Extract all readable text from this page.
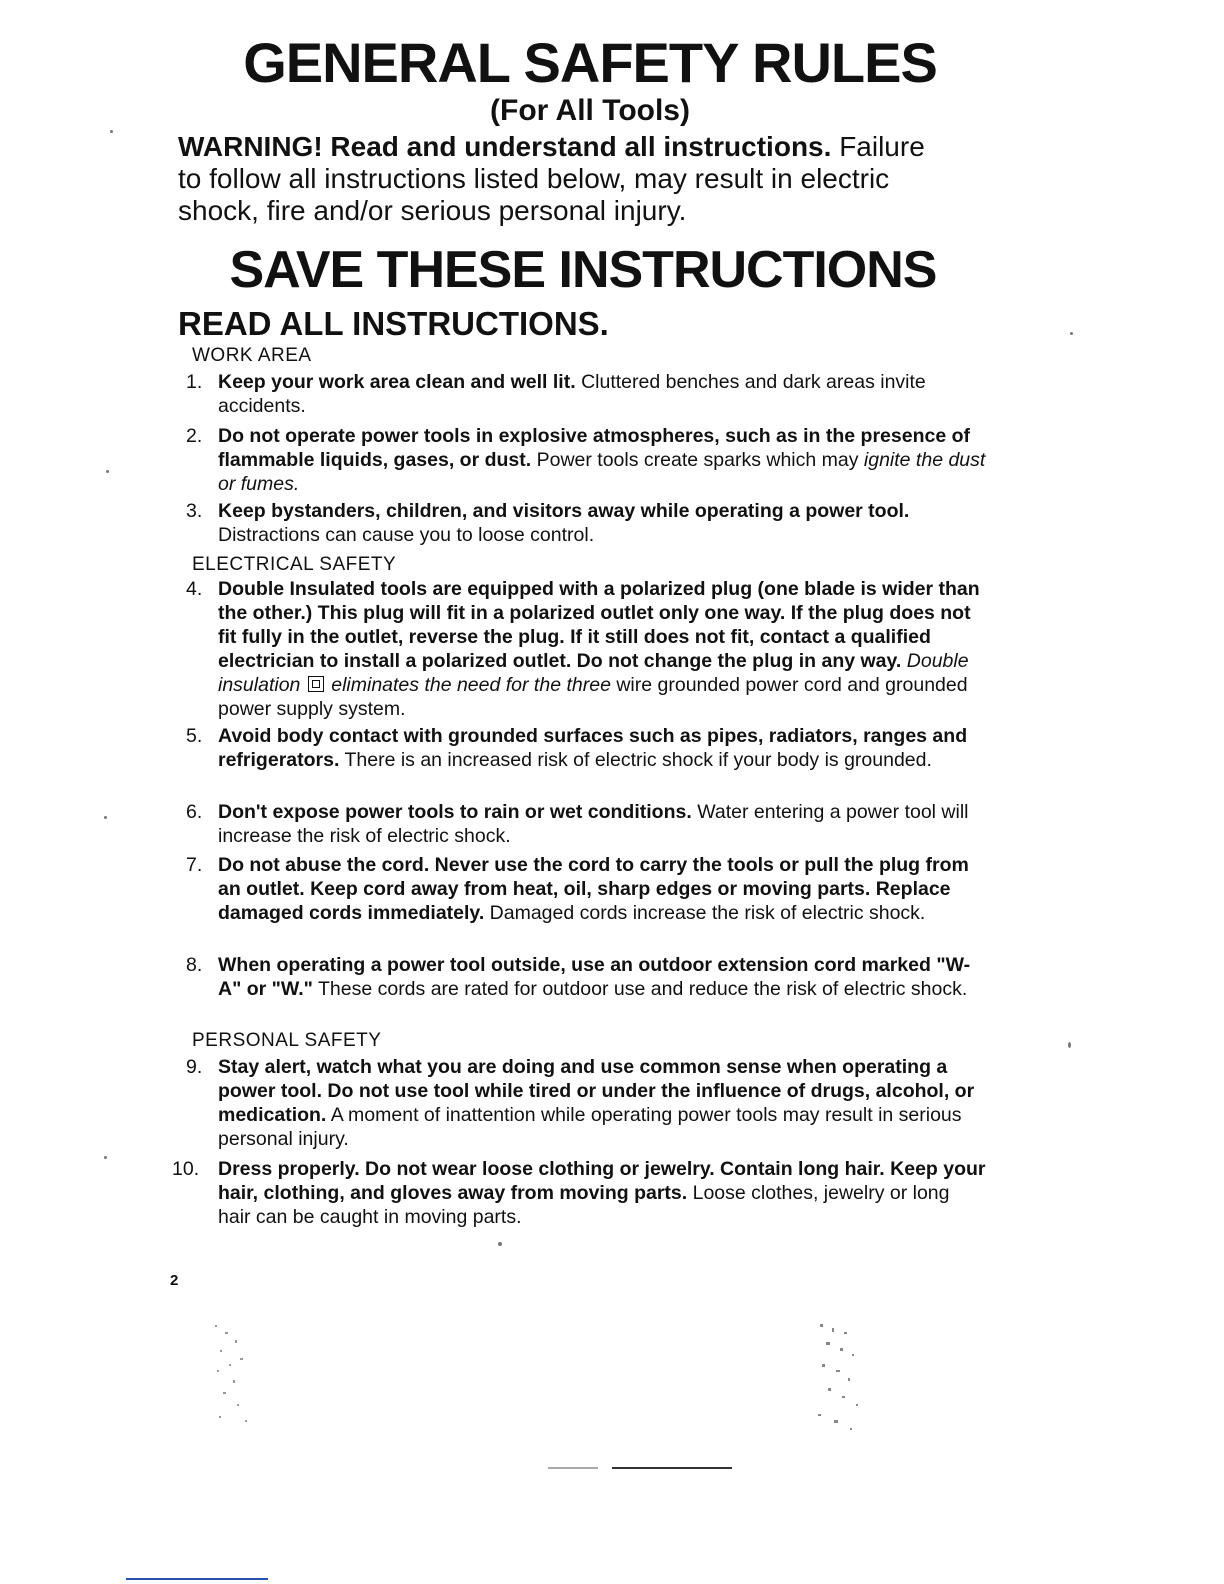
GENERAL SAFETY RULES
(For All Tools)
WARNING! Read and understand all instructions. Failure
to follow all instructions listed below, may result in electric
shock, fire and/or serious personal injury.
SAVE THESE INSTRUCTIONS
READ ALL INSTRUCTIONS.
WORK AREA
1. Keep your work area clean and well lit. Cluttered benches and dark areas invite accidents.
2. Do not operate power tools in explosive atmospheres, such as in the presence of flammable liquids, gases, or dust. Power tools create sparks which may ignite the dust or fumes.
3. Keep bystanders, children, and visitors away while operating a power tool. Distractions can cause you to loose control.
ELECTRICAL SAFETY
4. Double Insulated tools are equipped with a polarized plug (one blade is wider than the other.) This plug will fit in a polarized outlet only one way. If the plug does not fit fully in the outlet, reverse the plug. If it still does not fit, contact a qualified electrician to install a polarized outlet. Do not change the plug in any way. Double insulation eliminates the need for the three wire grounded power cord and grounded power supply system.
5. Avoid body contact with grounded surfaces such as pipes, radiators, ranges and refrigerators. There is an increased risk of electric shock if your body is grounded.
6. Don't expose power tools to rain or wet conditions. Water entering a power tool will increase the risk of electric shock.
7. Do not abuse the cord. Never use the cord to carry the tools or pull the plug from an outlet. Keep cord away from heat, oil, sharp edges or moving parts. Replace damaged cords immediately. Damaged cords increase the risk of electric shock.
8. When operating a power tool outside, use an outdoor extension cord marked "W-A" or "W." These cords are rated for outdoor use and reduce the risk of electric shock.
PERSONAL SAFETY
9. Stay alert, watch what you are doing and use common sense when operating a power tool. Do not use tool while tired or under the influence of drugs, alcohol, or medication. A moment of inattention while operating power tools may result in serious personal injury.
10. Dress properly. Do not wear loose clothing or jewelry. Contain long hair. Keep your hair, clothing, and gloves away from moving parts. Loose clothes, jewelry or long hair can be caught in moving parts.
2
